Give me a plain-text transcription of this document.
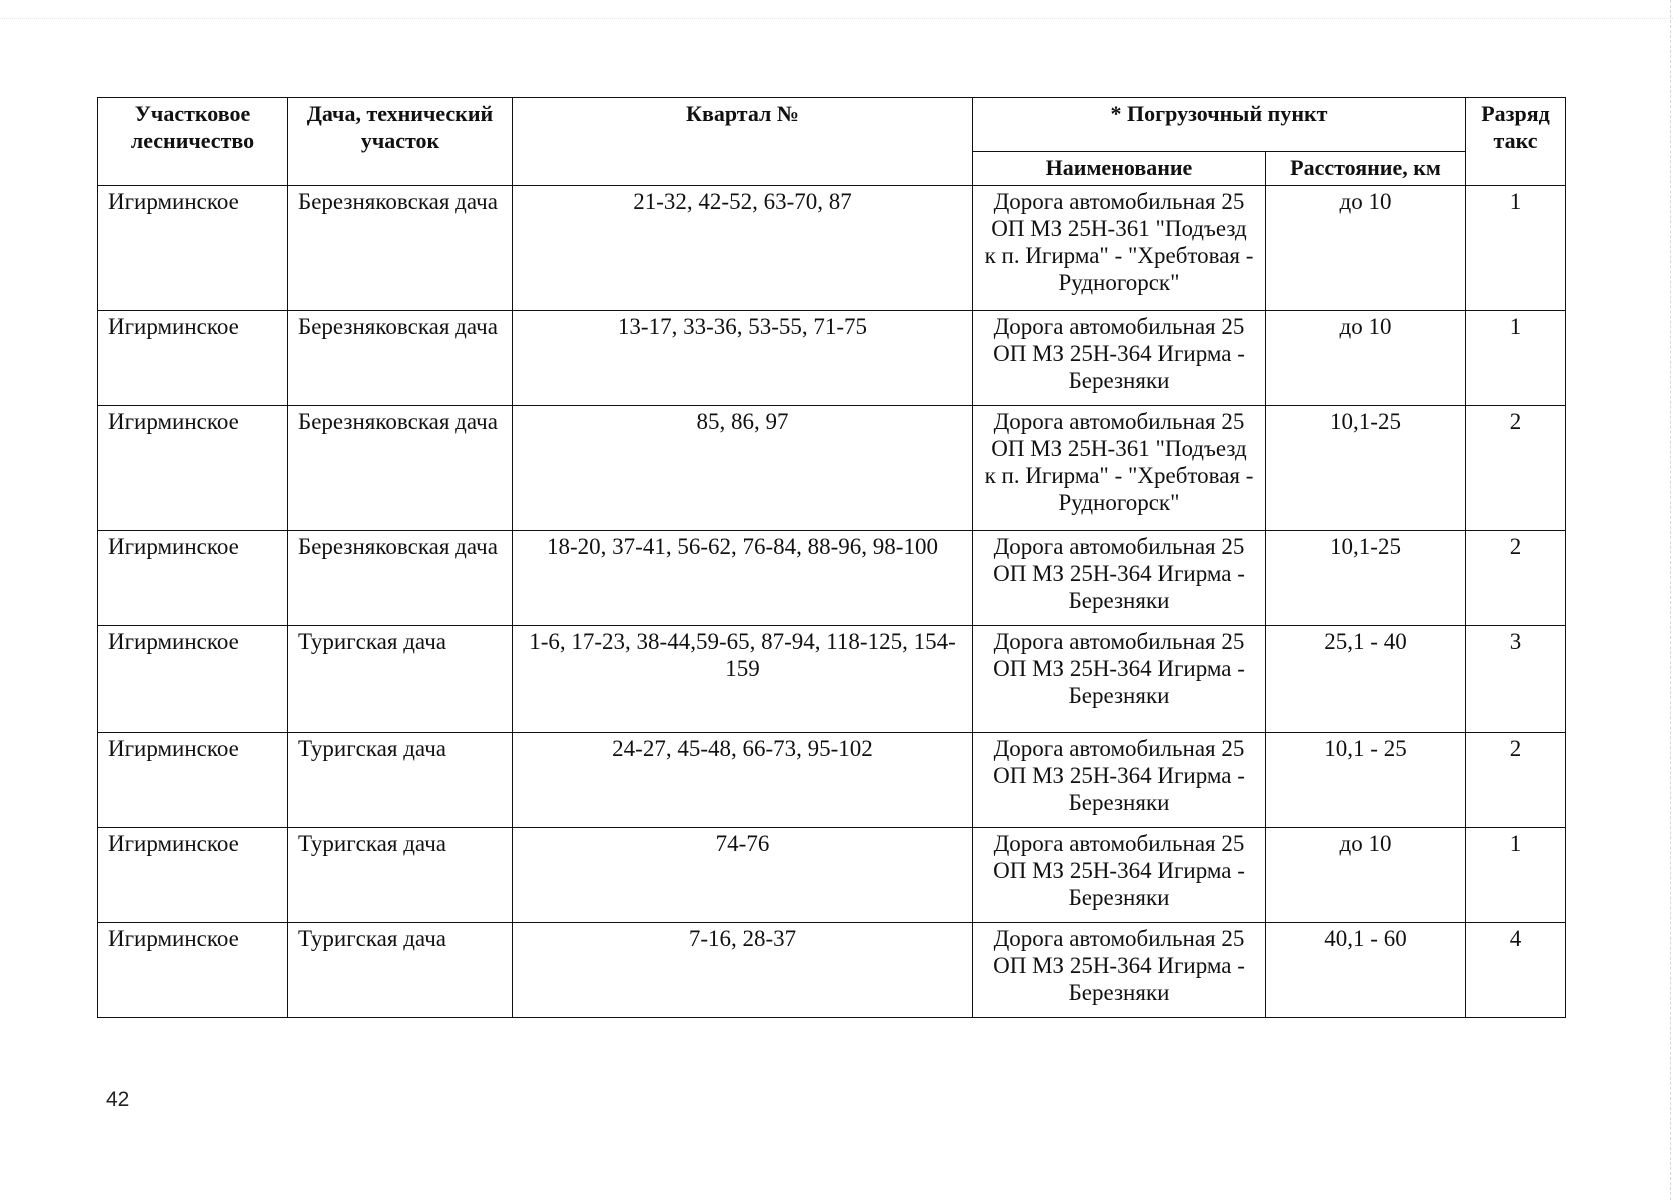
Участковое лесничество	Дача, технический участок	Квартал №	* Погрузочный пункт		Разряд такс
			Наименование	Расстояние, км	
Игирминское	Березняковская дача	21-32, 42-52, 63-70, 87	Дорога автомобильная 25 ОП МЗ 25Н-361 "Подъезд к п. Игирма" - "Хребтовая - Рудногорск"	до 10	1
Игирминское	Березняковская дача	13-17, 33-36, 53-55, 71-75	Дорога автомобильная 25 ОП МЗ 25Н-364 Игирма - Березняки	до 10	1
Игирминское	Березняковская дача	85, 86, 97	Дорога автомобильная 25 ОП МЗ 25Н-361 "Подъезд к п. Игирма" - "Хребтовая - Рудногорск"	10,1-25	2
Игирминское	Березняковская дача	18-20, 37-41, 56-62, 76-84, 88-96, 98-100	Дорога автомобильная 25 ОП МЗ 25Н-364 Игирма - Березняки	10,1-25	2
Игирминское	Туригская дача	1-6, 17-23, 38-44,59-65, 87-94, 118-125, 154-159	Дорога автомобильная 25 ОП МЗ 25Н-364 Игирма - Березняки	25,1 - 40	3
Игирминское	Туригская дача	24-27, 45-48, 66-73, 95-102	Дорога автомобильная 25 ОП МЗ 25Н-364 Игирма - Березняки	10,1 - 25	2
Игирминское	Туригская дача	74-76	Дорога автомобильная 25 ОП МЗ 25Н-364 Игирма - Березняки	до 10	1
Игирминское	Туригская дача	7-16, 28-37	Дорога автомобильная 25 ОП МЗ 25Н-364 Игирма - Березняки	40,1 - 60	4
42
